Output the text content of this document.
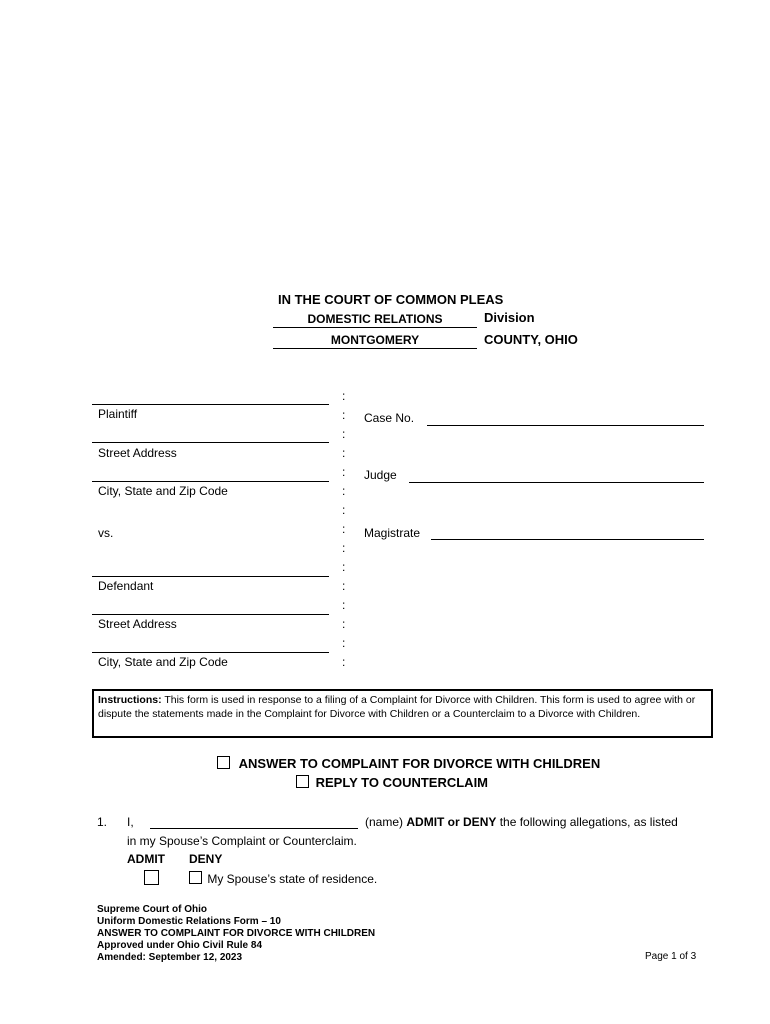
IN THE COURT OF COMMON PLEAS
DOMESTIC RELATIONS	Division
MONTGOMERY	COUNTY, OHIO
Plaintiff
Street Address
City, State and Zip Code
vs.
Defendant
Street Address
City, State and Zip Code
:
:
:
:
:
:
:
:
:
:
:
:
:
:
:
Case No.
Judge
Magistrate
Instructions: This form is used in response to a filing of a Complaint for Divorce with Children. This form is used to agree with or dispute the statements made in the Complaint for Divorce with Children or a Counterclaim to a Divorce with Children.
ANSWER TO COMPLAINT FOR DIVORCE WITH CHILDREN
REPLY TO COUNTERCLAIM
1. I,	(name) ADMIT or DENY the following allegations, as listed
in my Spouse’s Complaint or Counterclaim.
ADMIT DENY
My Spouse’s state of residence.
Supreme Court of Ohio
Uniform Domestic Relations Form – 10
ANSWER TO COMPLAINT FOR DIVORCE WITH CHILDREN
Approved under Ohio Civil Rule 84
Amended: September 12, 2023	Page 1 of 3
